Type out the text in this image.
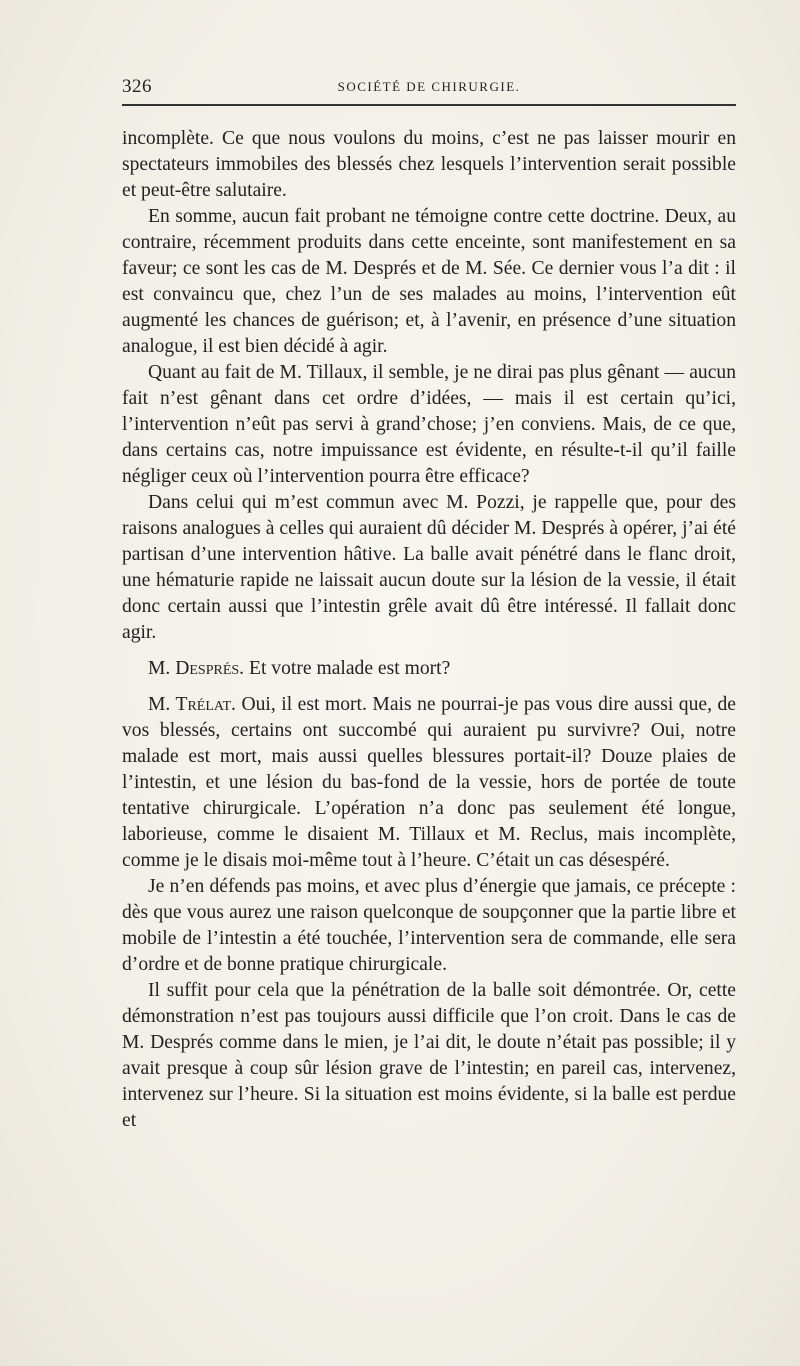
326	SOCIÉTÉ DE CHIRURGIE.

incomplète. Ce que nous voulons du moins, c’est ne pas laisser mourir en spectateurs immobiles des blessés chez lesquels l’intervention serait possible et peut-être salutaire.

En somme, aucun fait probant ne témoigne contre cette doctrine. Deux, au contraire, récemment produits dans cette enceinte, sont manifestement en sa faveur; ce sont les cas de M. Després et de M. Sée. Ce dernier vous l’a dit : il est convaincu que, chez l’un de ses malades au moins, l’intervention eût augmenté les chances de guérison; et, à l’avenir, en présence d’une situation analogue, il est bien décidé à agir.

Quant au fait de M. Tillaux, il semble, je ne dirai pas plus gênant — aucun fait n’est gênant dans cet ordre d’idées, — mais il est certain qu’ici, l’intervention n’eût pas servi à grand’chose; j’en conviens. Mais, de ce que, dans certains cas, notre impuissance est évidente, en résulte-t-il qu’il faille négliger ceux où l’intervention pourra être efficace?

Dans celui qui m’est commun avec M. Pozzi, je rappelle que, pour des raisons analogues à celles qui auraient dû décider M. Després à opérer, j’ai été partisan d’une intervention hâtive. La balle avait pénétré dans le flanc droit, une hématurie rapide ne laissait aucun doute sur la lésion de la vessie, il était donc certain aussi que l’intestin grêle avait dû être intéressé. Il fallait donc agir.

M. Després. Et votre malade est mort?

M. Trélat. Oui, il est mort. Mais ne pourrai-je pas vous dire aussi que, de vos blessés, certains ont succombé qui auraient pu survivre? Oui, notre malade est mort, mais aussi quelles blessures portait-il? Douze plaies de l’intestin, et une lésion du bas-fond de la vessie, hors de portée de toute tentative chirurgicale. L’opération n’a donc pas seulement été longue, laborieuse, comme le disaient M. Tillaux et M. Reclus, mais incomplète, comme je le disais moi-même tout à l’heure. C’était un cas désespéré.

Je n’en défends pas moins, et avec plus d’énergie que jamais, ce précepte : dès que vous aurez une raison quelconque de soupçonner que la partie libre et mobile de l’intestin a été touchée, l’intervention sera de commande, elle sera d’ordre et de bonne pratique chirurgicale.

Il suffit pour cela que la pénétration de la balle soit démontrée. Or, cette démonstration n’est pas toujours aussi difficile que l’on croit. Dans le cas de M. Després comme dans le mien, je l’ai dit, le doute n’était pas possible; il y avait presque à coup sûr lésion grave de l’intestin; en pareil cas, intervenez, intervenez sur l’heure. Si la situation est moins évidente, si la balle est perdue et
